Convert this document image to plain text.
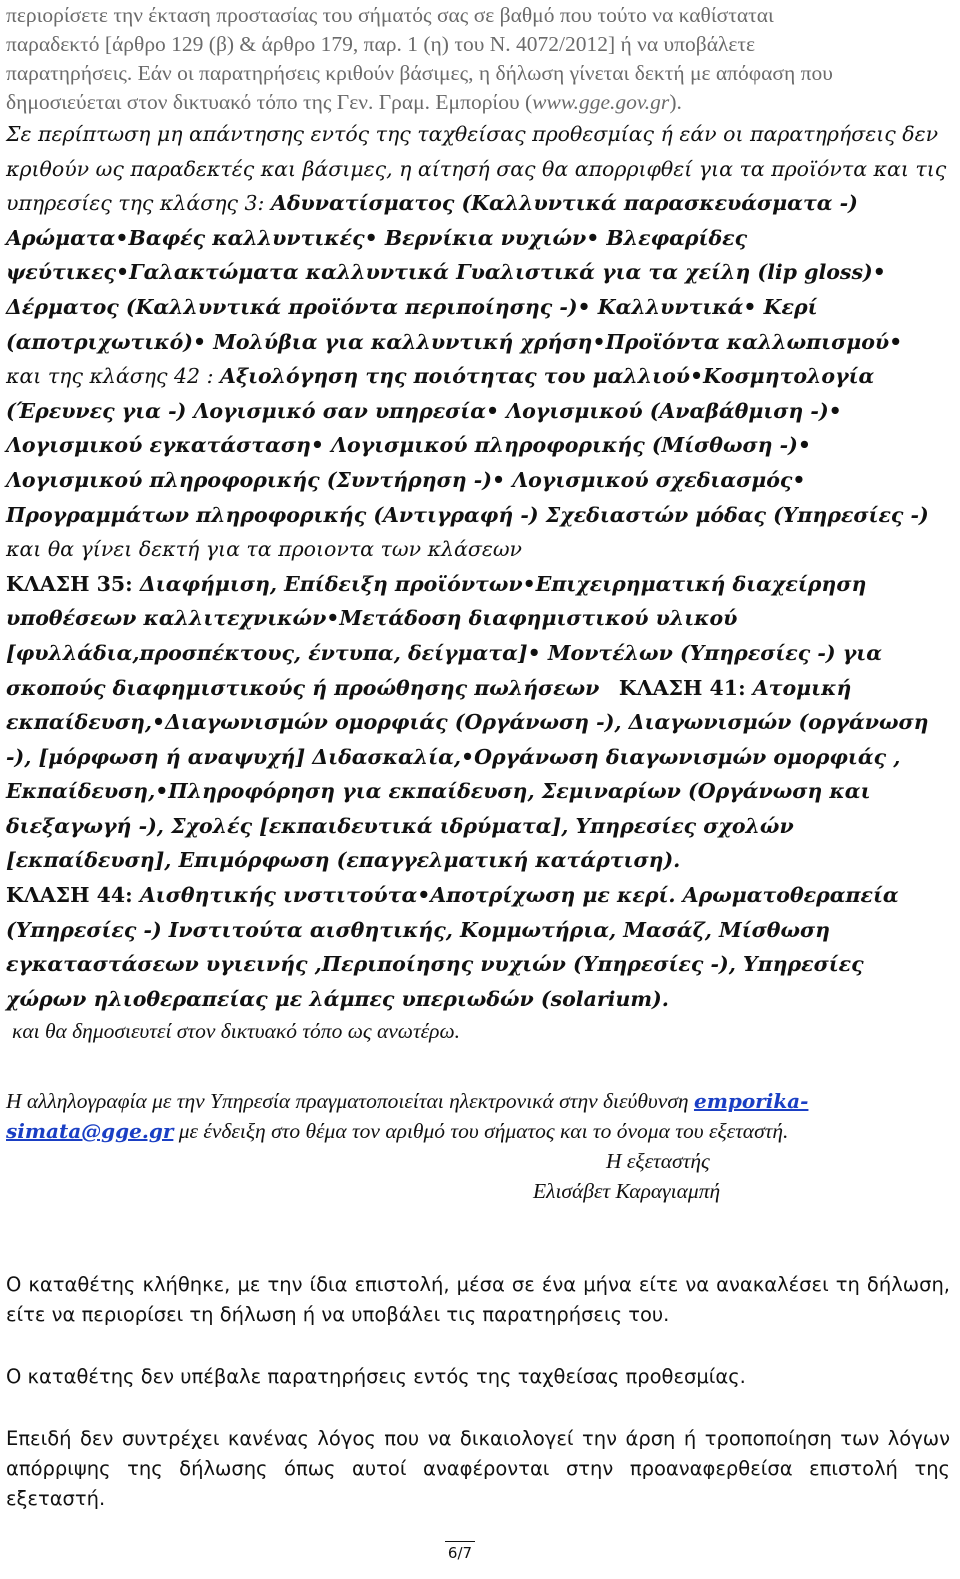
περιορίσετε την έκταση προστασίας του σήματός σας σε βαθμό που τούτο να καθίσταται
παραδεκτό [άρθρο 129 (β) & άρθρο 179, παρ. 1 (η) του Ν. 4072/2012] ή να υποβάλετε
παρατηρήσεις. Εάν οι παρατηρήσεις κριθούν βάσιμες, η δήλωση γίνεται δεκτή με απόφαση που
δημοσιεύεται στον δικτυακό τόπο της Γεν. Γραμ. Εμπορίου (www.gge.gov.gr).

Σε περίπτωση μη απάντησης εντός της ταχθείσας προθεσμίας ή εάν οι παρατηρήσεις δεν κριθούν ως παραδεκτές και βάσιμες, η αίτησή σας θα απορριφθεί για τα προϊόντα και τις υπηρεσίες της κλάσης 3: Αδυνατίσματος (Καλλυντικά παρασκευάσματα -) Αρώματα•Βαφές καλλυντικές• Βερνίκια νυχιών• Βλεφαρίδες ψεύτικες•Γαλακτώματα καλλυντικά Γυαλιστικά για τα χείλη (lip gloss)• Δέρματος (Καλλυντικά προϊόντα περιποίησης -)• Καλλυντικά• Κερί (αποτριχωτικό)• Μολύβια για καλλυντική χρήση•Προϊόντα καλλωπισμού•
και της κλάσης 42 : Αξιολόγηση της ποιότητας του μαλλιού•Κοσμητολογία (Έρευνες για -) Λογισμικό σαν υπηρεσία• Λογισμικού (Αναβάθμιση -)• Λογισμικού εγκατάσταση• Λογισμικού πληροφορικής (Μίσθωση -)• Λογισμικού πληροφορικής (Συντήρηση -)• Λογισμικού σχεδιασμός• Προγραμμάτων πληροφορικής (Αντιγραφή -) Σχεδιαστών μόδας (Υπηρεσίες -)
και θα γίνει δεκτή για τα προιοντα των κλάσεων
ΚΛΑΣΗ 35: Διαφήμιση, Επίδειξη προϊόντων•Επιχειρηματική διαχείρηση υποθέσεων καλλιτεχνικών•Μετάδοση διαφημιστικού υλικού [φυλλάδια,προσπέκτους, έντυπα, δείγματα]• Μοντέλων (Υπηρεσίες -) για σκοπούς διαφημιστικούς ή προώθησης πωλήσεων ΚΛΑΣΗ 41: Ατομική εκπαίδευση,•Διαγωνισμών ομορφιάς (Οργάνωση -), Διαγωνισμών (οργάνωση -), [μόρφωση ή αναψυχή] Διδασκαλία,•Οργάνωση διαγωνισμών ομορφιάς , Εκπαίδευση,•Πληροφόρηση για εκπαίδευση, Σεμιναρίων (Οργάνωση και διεξαγωγή -), Σχολές [εκπαιδευτικά ιδρύματα], Υπηρεσίες σχολών [εκπαίδευση], Επιμόρφωση (επαγγελματική κατάρτιση).
ΚΛΑΣΗ 44: Αισθητικής ινστιτούτα•Αποτρίχωση με κερί. Αρωματοθεραπεία (Υπηρεσίες -) Ινστιτούτα αισθητικής, Κομμωτήρια, Μασάζ, Μίσθωση εγκαταστάσεων υγιεινής ,Περιποίησης νυχιών (Υπηρεσίες -), Υπηρεσίες χώρων ηλιοθεραπείας με λάμπες υπεριωδών (solarium).

και θα δημοσιευτεί στον δικτυακό τόπο ως ανωτέρω.

Η αλληλογραφία με την Υπηρεσία πραγματοποιείται ηλεκτρονικά στην διεύθυνση emporika-simata@gge.gr με ένδειξη στο θέμα τον αριθμό του σήματος και το όνομα του εξεταστή.

Η εξεταστής
Ελισάβετ Καραγιαμπή

Ο καταθέτης κλήθηκε, με την ίδια επιστολή, μέσα σε ένα μήνα είτε να ανακαλέσει τη δήλωση, είτε να περιορίσει τη δήλωση ή να υποβάλει τις παρατηρήσεις του.

Ο καταθέτης δεν υπέβαλε παρατηρήσεις εντός της ταχθείσας προθεσμίας.

Επειδή δεν συντρέχει κανένας λόγος που να δικαιολογεί την άρση ή τροποποίηση των λόγων απόρριψης της δήλωσης όπως αυτοί αναφέρονται στην προαναφερθείσα επιστολή της εξεταστή.

6/7
